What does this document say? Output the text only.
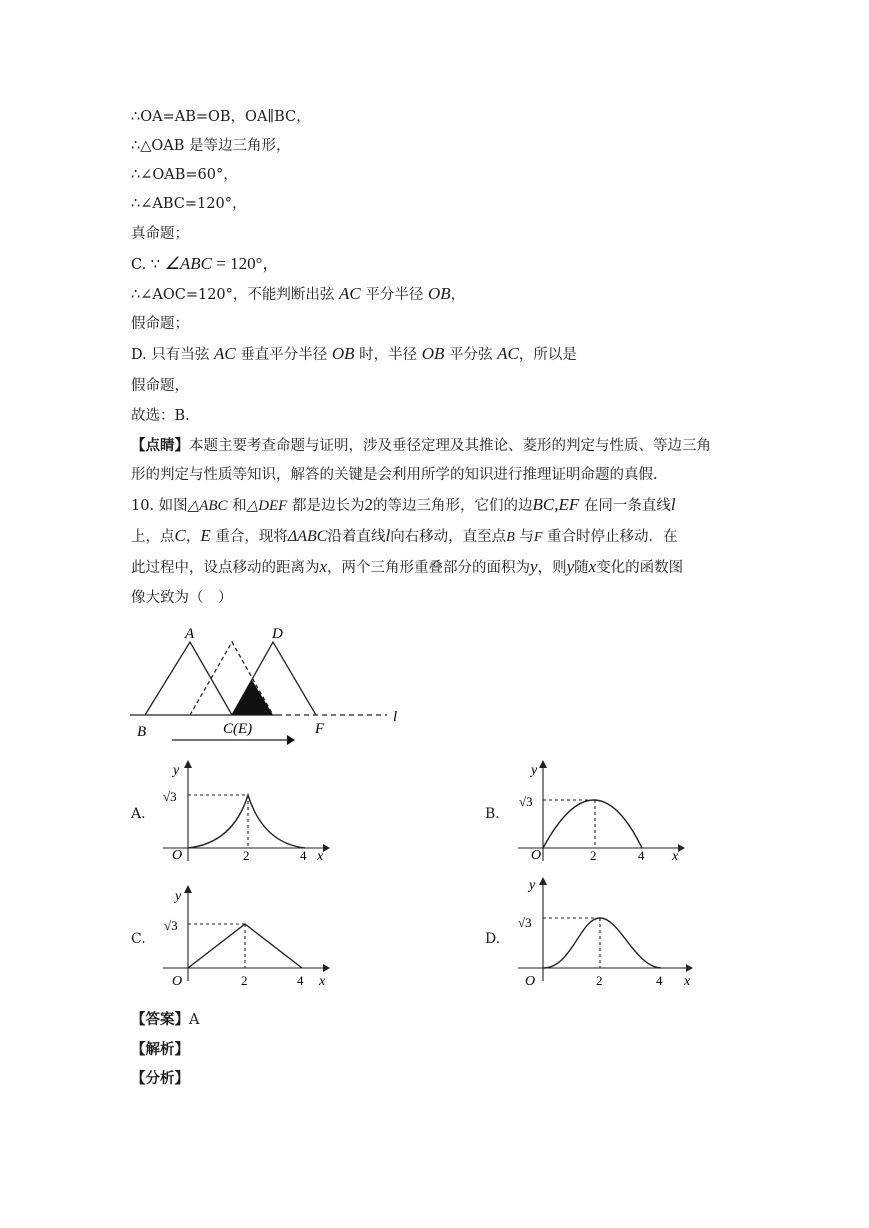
∴OA=AB=OB，OA∥BC，
∴△OAB 是等边三角形，
∴∠OAB=60°，
∴∠ABC=120°，
真命题；
C. ∵ ∠ABC = 120°，
∴∠AOC=120°，不能判断出弦 AC 平分半径 OB，
假命题；
D. 只有当弦 AC 垂直平分半径 OB 时，半径 OB 平分弦 AC，所以是
假命题，
故选：B.
【点睛】本题主要考查命题与证明，涉及垂径定理及其推论、菱形的判定与性质、等边三角
形的判定与性质等知识，解答的关键是会利用所学的知识进行推理证明命题的真假.
10. 如图△ABC 和△DEF 都是边长为2的等边三角形，它们的边BC,EF 在同一条直线l
上，点C，E 重合，现将ΔABC沿着直线l向右移动，直至点B 与F 重合时停止移动．在
此过程中，设点移动的距离为x，两个三角形重叠部分的面积为y，则y随x变化的函数图
像大致为（　）
A	D
B	C(E)	F
l
A.	B.
C.	D.
y
x
O
√3
2	4
y
x
O
√3
2	4
y
x
O
√3
2	4
y
x
O
√3
2	4
【答案】A
【解析】
【分析】
